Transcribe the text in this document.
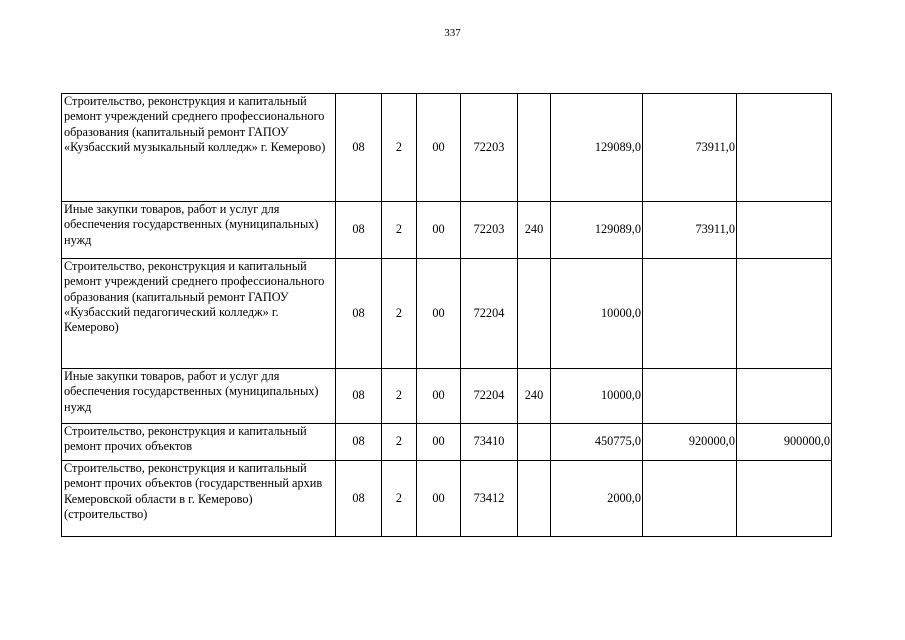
337
Строительство, реконструкция и капитальный ремонт учреждений среднего профессионального образования (капитальный ремонт ГАПОУ «Кузбасский музыкальный колледж» г. Кемерово)	08	2	00	72203		129089,0	73911,0	
Иные закупки товаров, работ и услуг для обеспечения государственных (муниципальных) нужд	08	2	00	72203	240	129089,0	73911,0	
Строительство, реконструкция и капитальный ремонт учреждений среднего профессионального образования (капитальный ремонт ГАПОУ «Кузбасский педагогический колледж» г. Кемерово)	08	2	00	72204		10000,0		
Иные закупки товаров, работ и услуг для обеспечения государственных (муниципальных) нужд	08	2	00	72204	240	10000,0		
Строительство, реконструкция и капитальный ремонт прочих объектов	08	2	00	73410		450775,0	920000,0	900000,0
Строительство, реконструкция и капитальный ремонт прочих объектов (государственный архив Кемеровской области в г. Кемерово) (строительство)	08	2	00	73412		2000,0		
